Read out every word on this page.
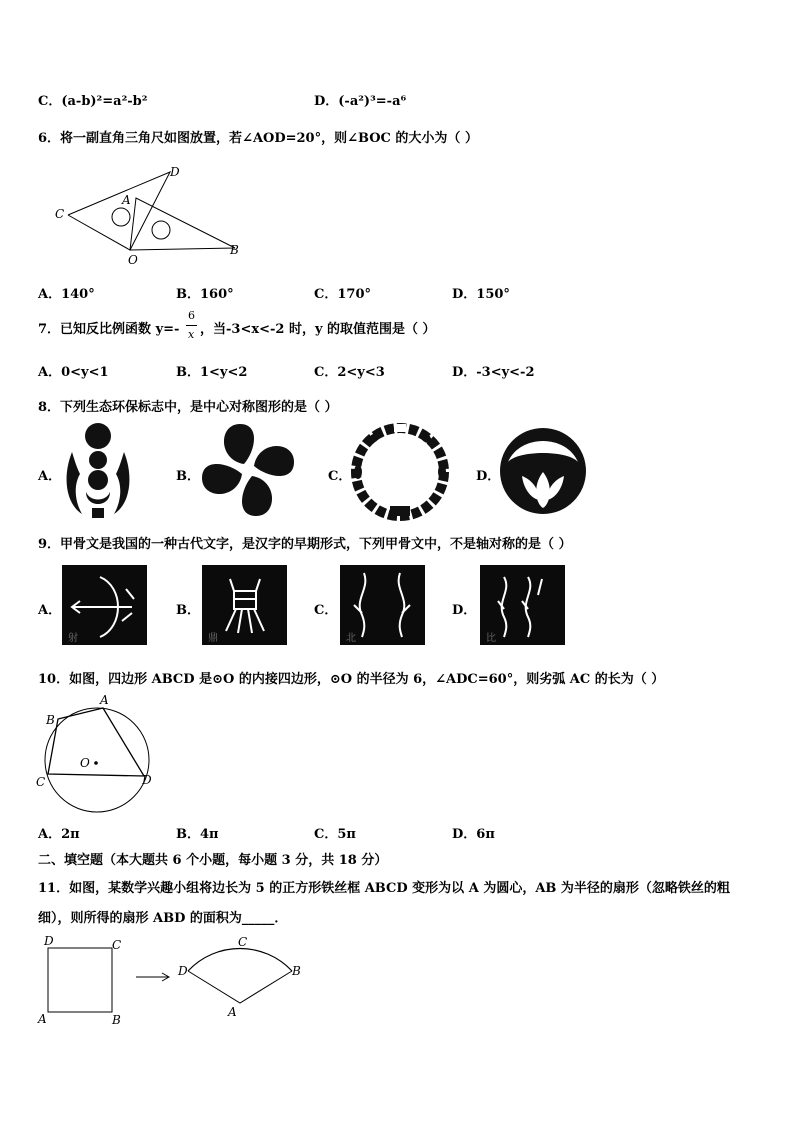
C．(a-b)²=a²-b²	D．(-a²)³=-a⁶
6．将一副直角三角尺如图放置，若∠AOD=20°，则∠BOC 的大小为（ ）
C
D
A
O
B
A．140°	B．160°	C．170°	D．150°
7．已知反比例函数 y=-
6
x ，当-3<x<-2 时，y 的取值范围是（ ）
A．0<y<1	B．1<y<2	C．2<y<3	D．-3<y<-2
8．下列生态环保标志中，是中心对称图形的是（ ）
A．	B．	C．	D．
9．甲骨文是我国的一种古代文字，是汉字的早期形式，下列甲骨文中，不是轴对称的是（ ）
A．	B．	C．	D．
射	鼎	北	比
10．如图，四边形 ABCD 是⊙O 的内接四边形，⊙O 的半径为 6，∠ADC=60°，则劣弧 AC 的长为（ ）
A
B
C	D
O
A．2π	B．4π	C．5π	D．6π
二、填空题（本大题共 6 个小题，每小题 3 分，共 18 分）
11．如图，某数学兴趣小组将边长为 5 的正方形铁丝框 ABCD 变形为以 A 为圆心，AB 为半径的扇形（忽略铁丝的粗
细），则所得的扇形 ABD 的面积为_____．
D	C
A	B
D
C
B
A
